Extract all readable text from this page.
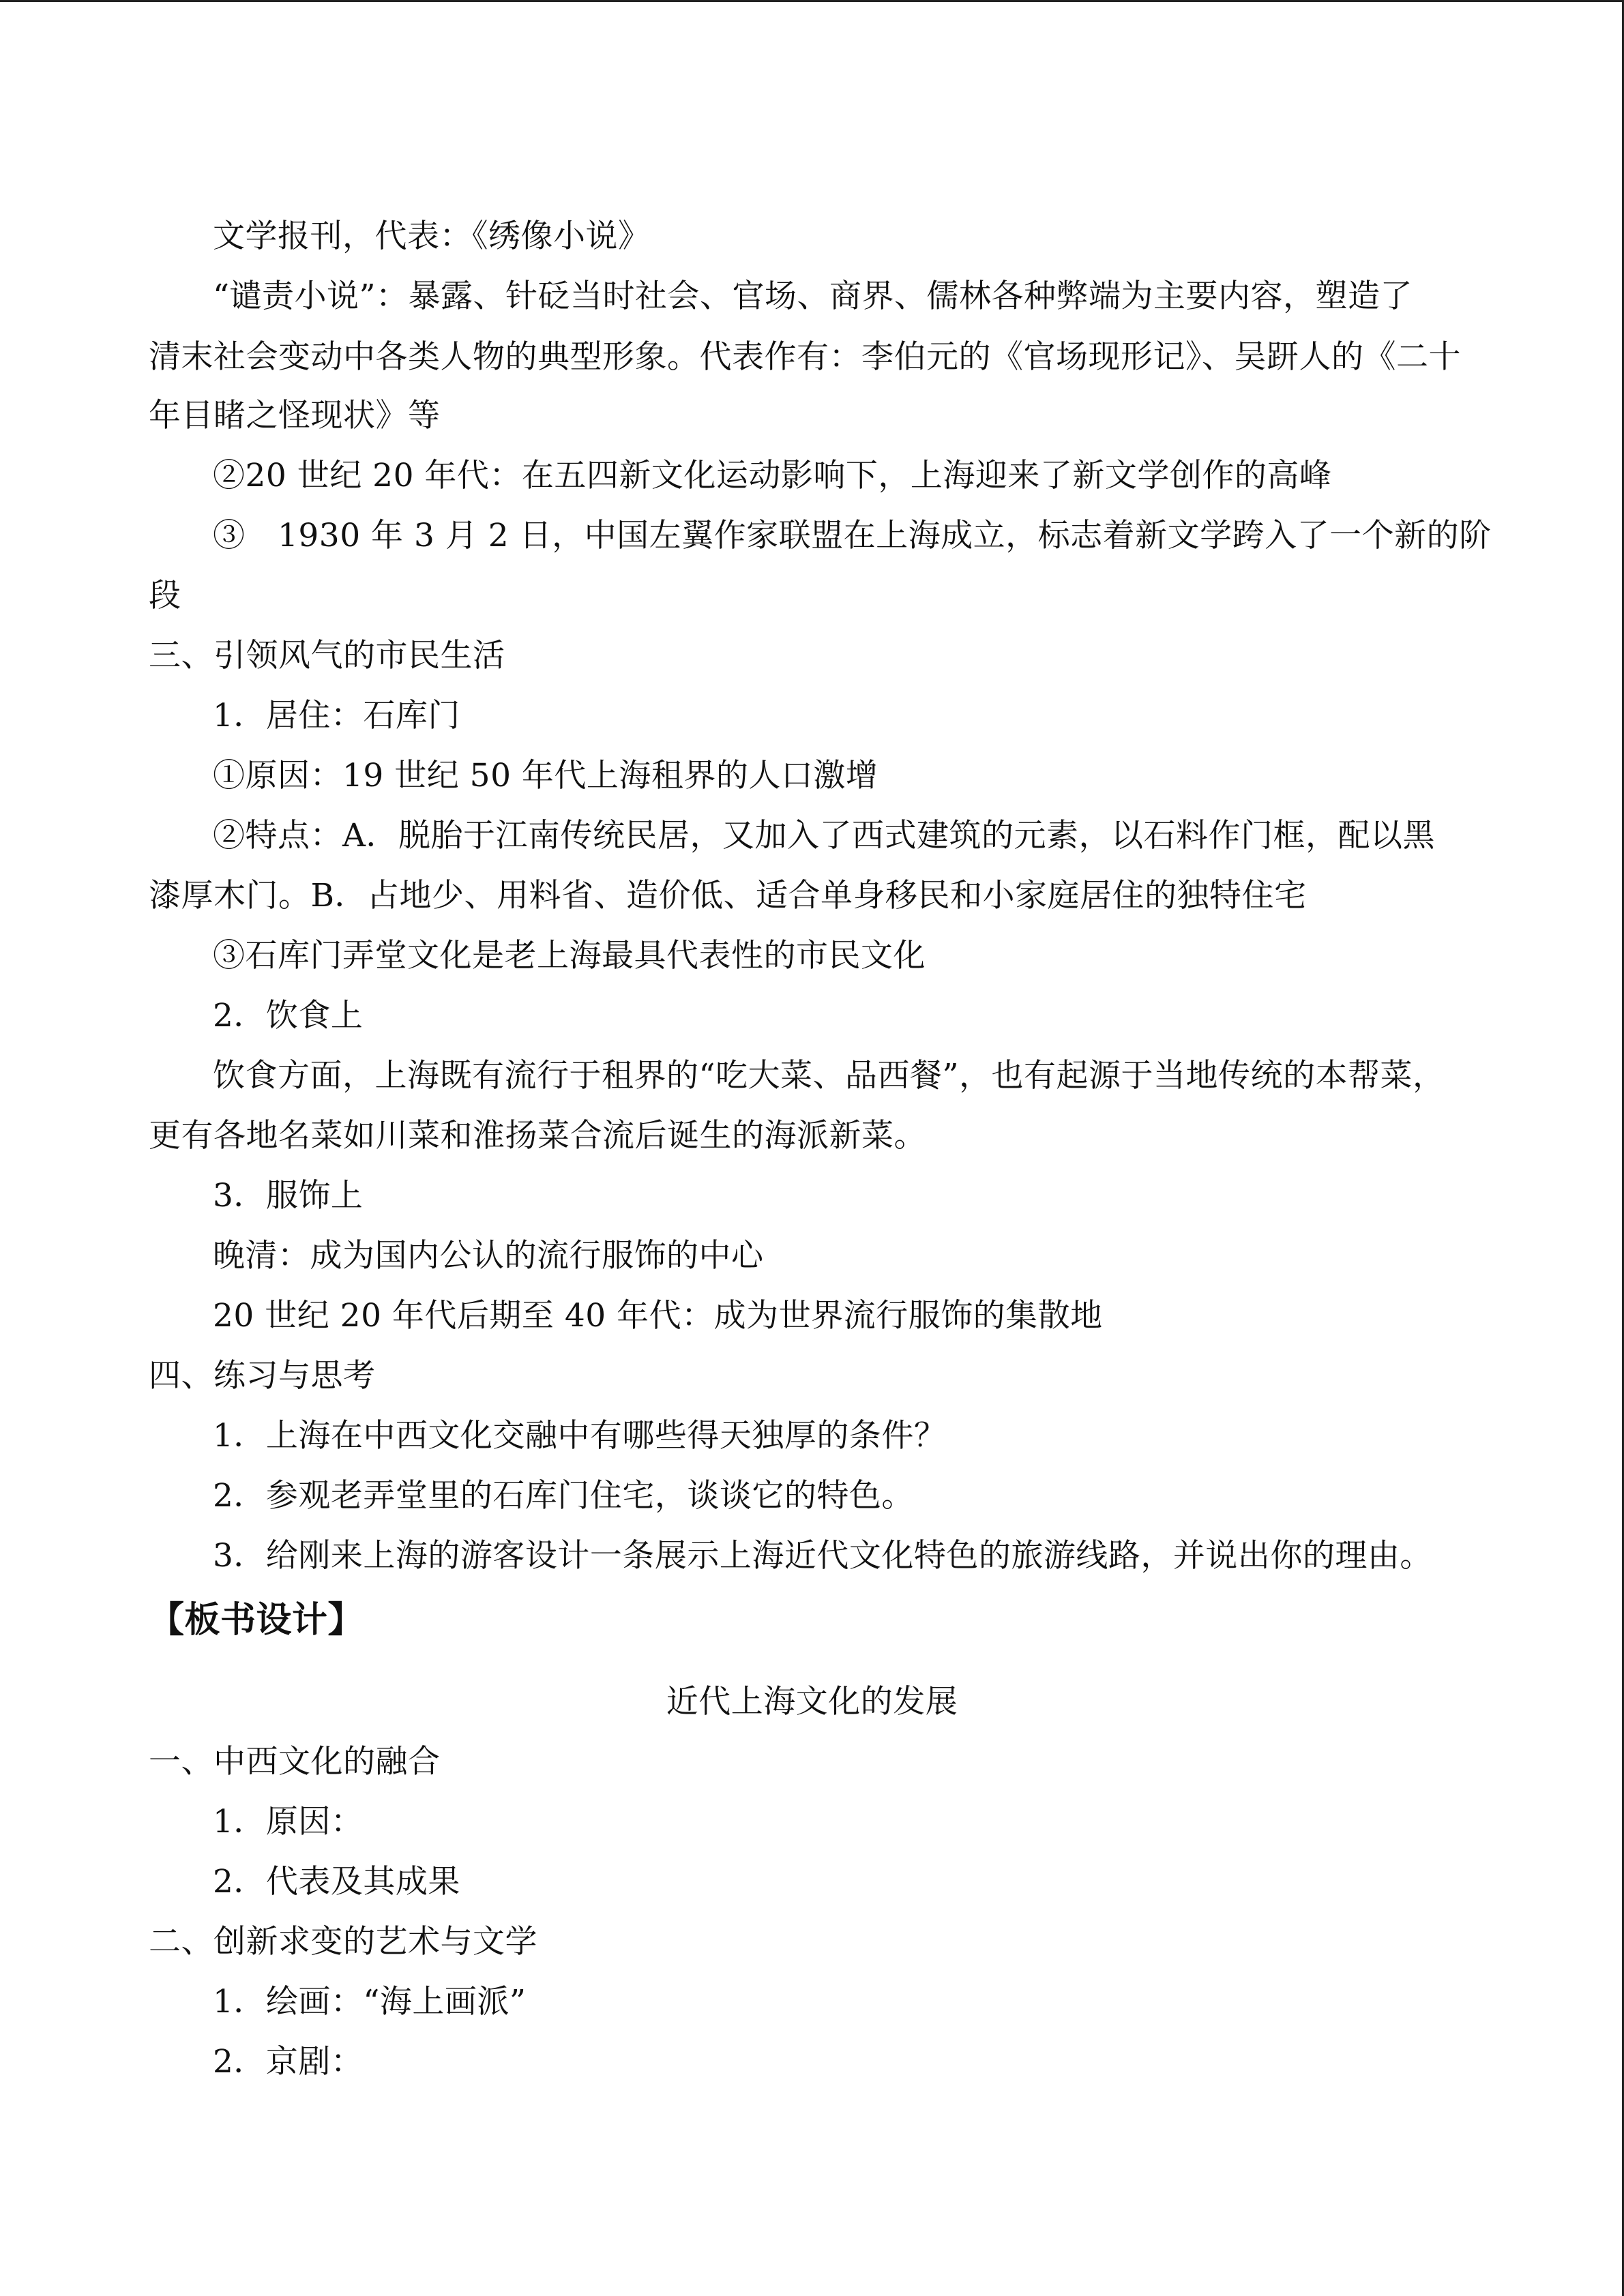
文学报刊，代表：《绣像小说》
“谴责小说”：暴露、针砭当时社会、官场、商界、儒林各种弊端为主要内容，塑造了
清末社会变动中各类人物的典型形象。代表作有：李伯元的《官场现形记》、吴趼人的《二十
年目睹之怪现状》等
②20 世纪 20 年代：在五四新文化运动影响下，上海迎来了新文学创作的高峰
③　1930 年 3 月 2 日，中国左翼作家联盟在上海成立，标志着新文学跨入了一个新的阶
段
三、引领风气的市民生活
1．居住：石库门
①原因：19 世纪 50 年代上海租界的人口激增
②特点：A．脱胎于江南传统民居，又加入了西式建筑的元素，以石料作门框，配以黑
漆厚木门。B．占地少、用料省、造价低、适合单身移民和小家庭居住的独特住宅
③石库门弄堂文化是老上海最具代表性的市民文化
2．饮食上
饮食方面，上海既有流行于租界的“吃大菜、品西餐”，也有起源于当地传统的本帮菜，
更有各地名菜如川菜和淮扬菜合流后诞生的海派新菜。
3．服饰上
晚清：成为国内公认的流行服饰的中心
20 世纪 20 年代后期至 40 年代：成为世界流行服饰的集散地
四、练习与思考
1．上海在中西文化交融中有哪些得天独厚的条件？
2．参观老弄堂里的石库门住宅，谈谈它的特色。
3．给刚来上海的游客设计一条展示上海近代文化特色的旅游线路，并说出你的理由。
【板书设计】
近代上海文化的发展
一、中西文化的融合
1．原因：
2．代表及其成果
二、创新求变的艺术与文学
1．绘画：“海上画派”
2．京剧：
